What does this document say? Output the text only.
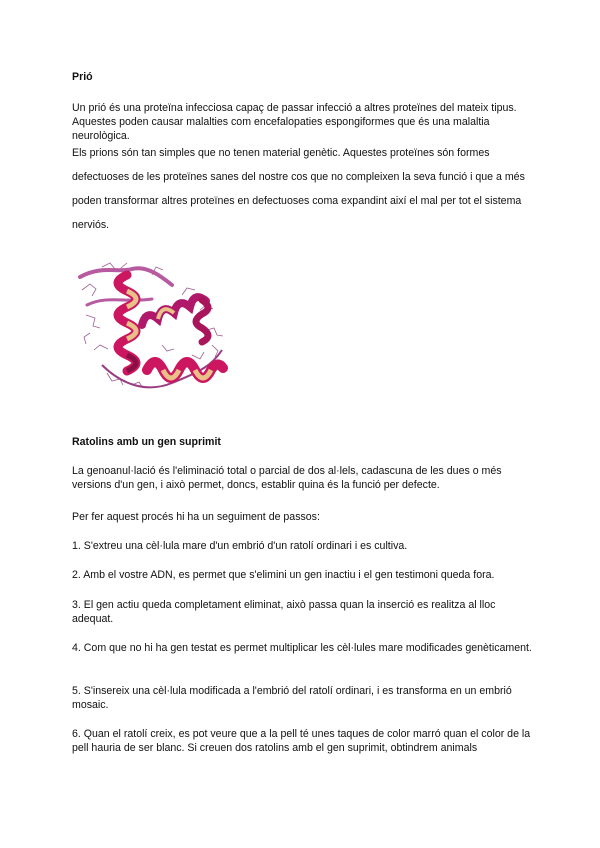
Prió
Un prió és una proteïna infecciosa capaç de passar infecció a altres proteïnes del mateix tipus. Aquestes poden causar malalties com encefalopaties espongiformes que és una malaltia neurològica.
Els prions són tan simples que no tenen material genètic. Aquestes proteïnes són formes defectuoses de les proteïnes sanes del nostre cos que no compleixen la seva funció i que a més poden transformar altres proteïnes en defectuoses coma expandint així el mal per tot el sistema nerviós.
Ratolins amb un gen suprimit
La genoanul·lació és l'eliminació total o parcial de dos al·lels, cadascuna de les dues o més versions d'un gen, i això permet, doncs, establir quina és la funció per defecte.
Per fer aquest procés hi ha un seguiment de passos:
1. S'extreu una cèl·lula mare d'un embrió d'un ratolí ordinari i es cultiva.
2. Amb el vostre ADN, es permet que s'elimini un gen inactiu i el gen testimoni queda fora.
3. El gen actiu queda completament eliminat, això passa quan la inserció es realitza al lloc adequat.
4. Com que no hi ha gen testat es permet multiplicar les cèl·lules mare modificades genèticament.
5. S'insereix una cèl·lula modificada a l'embrió del ratolí ordinari, i es transforma en un embrió mosaic.
6. Quan el ratolí creix, es pot veure que a la pell té unes taques de color marró quan el color de la pell hauria de ser blanc. Si creuen dos ratolins amb el gen suprimit, obtindrem animals
